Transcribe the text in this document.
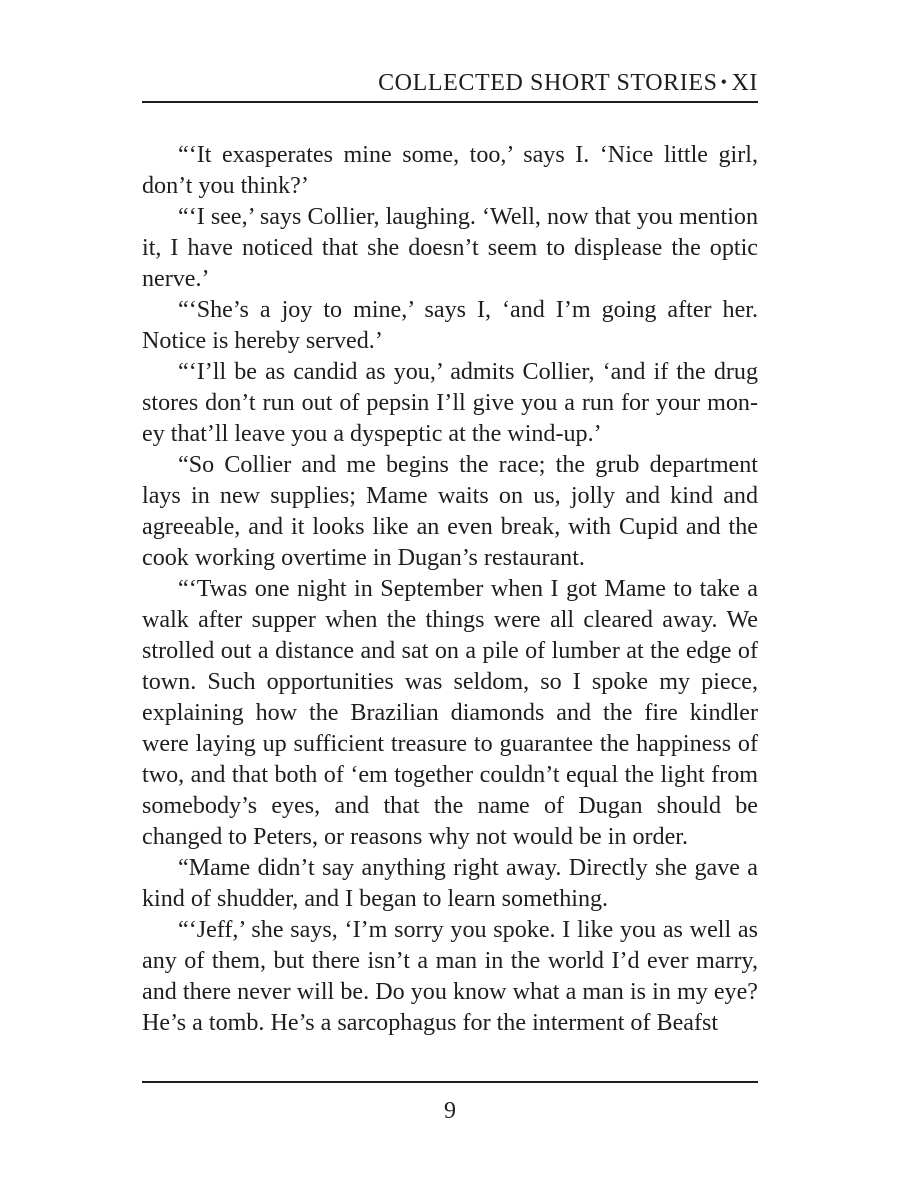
COLLECTED SHORT STORIES • XI

“‘It exasperates mine some, too,’ says I. ‘Nice little girl, don’t you think?’

“‘I see,’ says Collier, laughing. ‘Well, now that you mention it, I have noticed that she doesn’t seem to displease the optic nerve.’

“‘She’s a joy to mine,’ says I, ‘and I’m going after her. Notice is hereby served.’

“‘I’ll be as candid as you,’ admits Collier, ‘and if the drug stores don’t run out of pepsin I’ll give you a run for your mon-ey that’ll leave you a dyspeptic at the wind-up.’

“So Collier and me begins the race; the grub department lays in new supplies; Mame waits on us, jolly and kind and agreeable, and it looks like an even break, with Cupid and the cook working overtime in Dugan’s restaurant.

“‘Twas one night in September when I got Mame to take a walk after supper when the things were all cleared away. We strolled out a distance and sat on a pile of lumber at the edge of town. Such opportunities was seldom, so I spoke my piece, explaining how the Brazilian diamonds and the fire kindler were laying up sufficient treasure to guarantee the happiness of two, and that both of ‘em together couldn’t equal the light from somebody’s eyes, and that the name of Dugan should be changed to Peters, or reasons why not would be in order.

“Mame didn’t say anything right away. Directly she gave a kind of shudder, and I began to learn something.

“‘Jeff,’ she says, ‘I’m sorry you spoke. I like you as well as any of them, but there isn’t a man in the world I’d ever marry, and there never will be. Do you know what a man is in my eye? He’s a tomb. He’s a sarcophagus for the interment of Beafst

9
